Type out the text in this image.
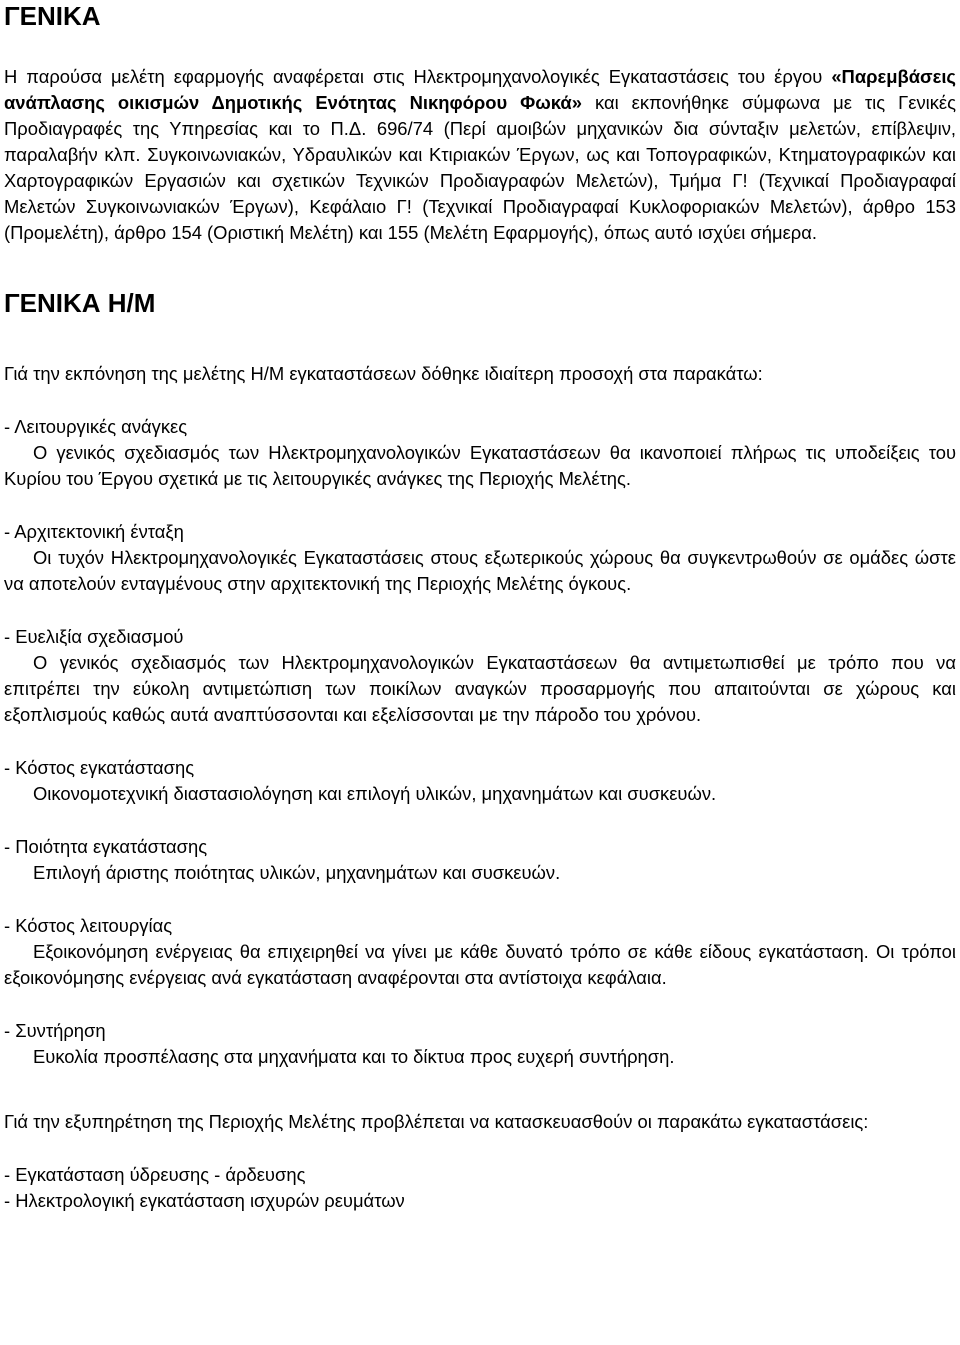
ΓΕΝΙΚΑ

Η παρούσα μελέτη εφαρμογής αναφέρεται στις Ηλεκτρομηχανολογικές Εγκαταστάσεις του έργου «Παρεμβάσεις ανάπλασης οικισμών Δημοτικής Ενότητας Νικηφόρου Φωκά» και εκπονήθηκε σύμφωνα με τις Γενικές Προδιαγραφές της Υπηρεσίας και το Π.Δ. 696/74 (Περί αμοιβών μηχανικών δια σύνταξιν μελετών, επίβλεψιν, παραλαβήν κλπ. Συγκοινωνιακών, Υδραυλικών και Κτιριακών Έργων, ως και Τοπογραφικών, Κτηματογραφικών και Χαρτογραφικών Εργασιών και σχετικών Τεχνικών Προδιαγραφών Μελετών), Τμήμα Γ! (Τεχνικαί Προδιαγραφαί Μελετών Συγκοινωνιακών Έργων), Κεφάλαιο Γ! (Τεχνικαί Προδιαγραφαί Κυκλοφοριακών Μελετών), άρθρο 153 (Προμελέτη), άρθρο 154 (Οριστική Μελέτη) και 155 (Μελέτη Εφαρμογής), όπως αυτό ισχύει σήμερα.

ΓΕΝΙΚΑ Η/Μ

Γιά την εκπόνηση της μελέτης Η/Μ εγκαταστάσεων δόθηκε ιδιαίτερη προσοχή στα παρακάτω:

- Λειτουργικές ανάγκες

Ο γενικός σχεδιασμός των Ηλεκτρομηχανολογικών Εγκαταστάσεων θα ικανοποιεί πλήρως τις υποδείξεις του Κυρίου του Έργου σχετικά με τις λειτουργικές ανάγκες της Περιοχής Μελέτης.

- Αρχιτεκτονική ένταξη

Οι τυχόν Ηλεκτρομηχανολογικές Εγκαταστάσεις στους εξωτερικούς χώρους θα συγκεντρωθούν σε ομάδες ώστε να αποτελούν ενταγμένους στην αρχιτεκτονική της Περιοχής Μελέτης όγκους.

- Ευελιξία σχεδιασμού

Ο γενικός σχεδιασμός των Ηλεκτρομηχανολογικών Εγκαταστάσεων θα αντιμετωπισθεί με τρόπο που να επιτρέπει την εύκολη αντιμετώπιση των ποικίλων αναγκών προσαρμογής που απαιτούνται σε χώρους και εξοπλισμούς καθώς αυτά αναπτύσσονται και εξελίσσονται με την πάροδο του χρόνου.

- Κόστος εγκατάστασης

Οικονομοτεχνική διαστασιολόγηση και επιλογή υλικών, μηχανημάτων και συσκευών.

- Ποιότητα εγκατάστασης

Επιλογή άριστης ποιότητας υλικών, μηχανημάτων και συσκευών.

- Κόστος λειτουργίας

Εξοικονόμηση ενέργειας θα επιχειρηθεί να γίνει με κάθε δυνατό τρόπο σε κάθε είδους εγκατάσταση. Οι τρόποι εξοικονόμησης ενέργειας ανά εγκατάσταση αναφέρονται στα αντίστοιχα κεφάλαια.

- Συντήρηση

Ευκολία προσπέλασης στα μηχανήματα και το δίκτυα προς ευχερή συντήρηση.

Γιά την εξυπηρέτηση της Περιοχής Μελέτης προβλέπεται να κατασκευασθούν οι παρακάτω εγκαταστάσεις:

- Εγκατάσταση ύδρευσης - άρδευσης

- Ηλεκτρολογική εγκατάσταση ισχυρών ρευμάτων
